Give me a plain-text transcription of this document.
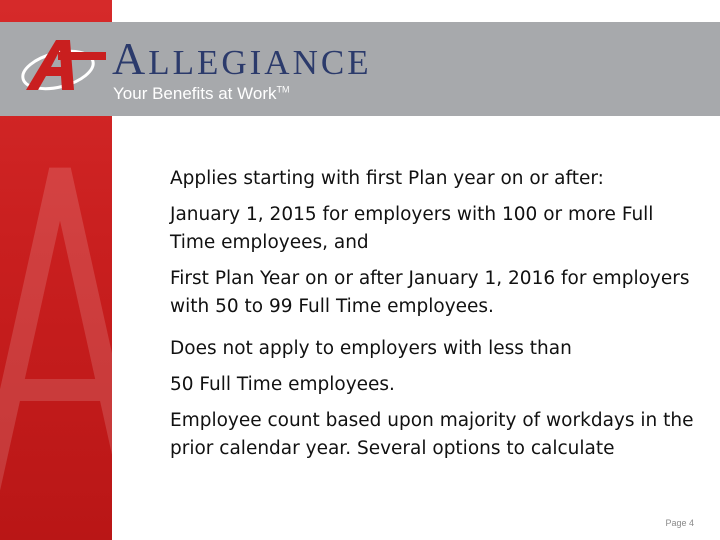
ALLEGIANCE
Your Benefits at Work™

Applies starting with first Plan year on or after:

January 1, 2015 for employers with 100 or more Full Time employees, and

First Plan Year on or after January 1, 2016 for employers with 50 to 99 Full Time employees.

Does not apply to employers with less than

50 Full Time employees.

Employee count based upon majority of workdays in the prior calendar year. Several options to calculate

Page 4
